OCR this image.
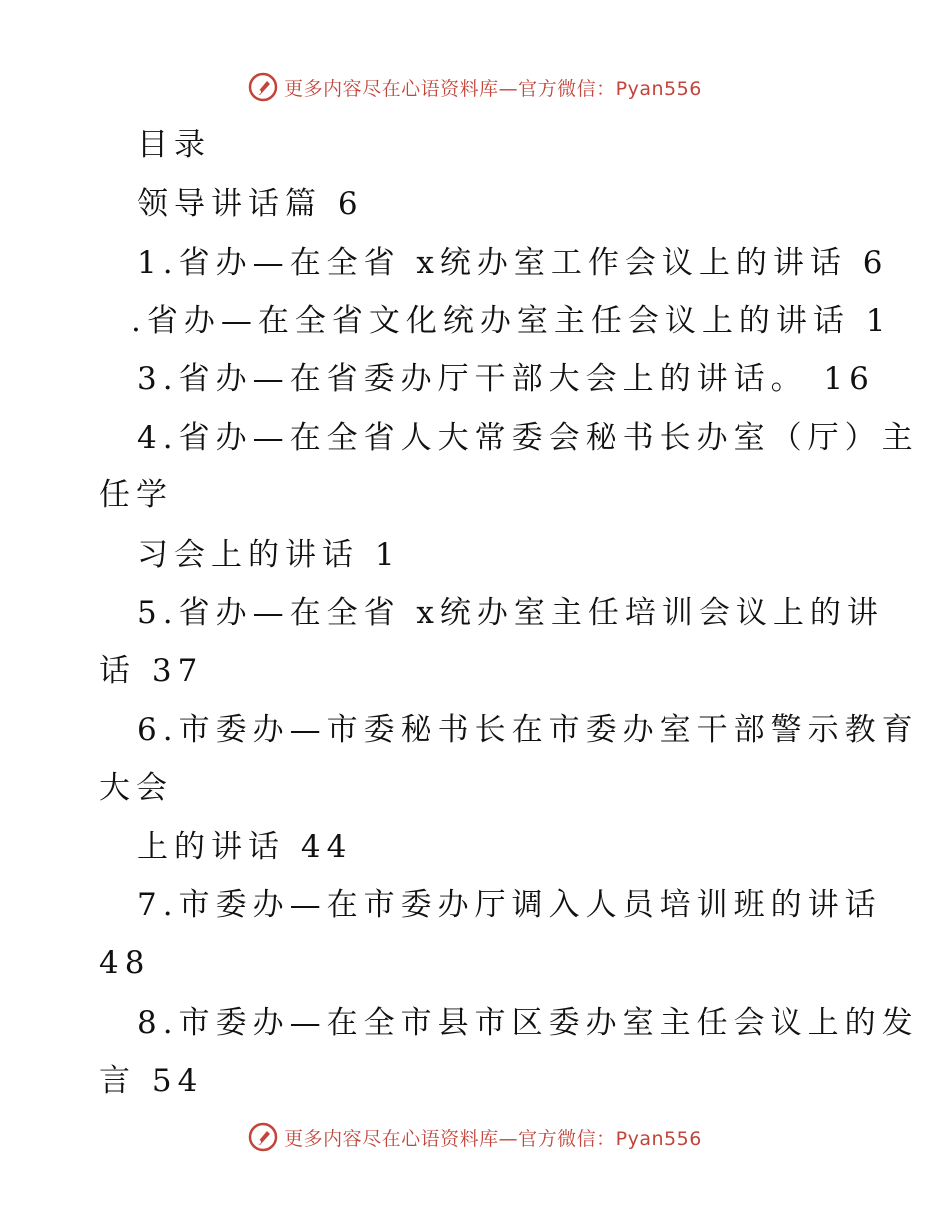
更多内容尽在心语资料库—官方微信：Pyan556
目录
领导讲话篇 6
1.省办—在全省 x统办室工作会议上的讲话 6
.省办—在全省文化统办室主任会议上的讲话 1
3.省办—在省委办厅干部大会上的讲话。 16
4.省办—在全省人大常委会秘书长办室（厅）主
任学
习会上的讲话 1
5.省办—在全省 x统办室主任培训会议上的讲
话 37
6.市委办—市委秘书长在市委办室干部警示教育
大会
上的讲话 44
7.市委办—在市委办厅调入人员培训班的讲话
48
8.市委办—在全市县市区委办室主任会议上的发
言 54
更多内容尽在心语资料库—官方微信：Pyan556
